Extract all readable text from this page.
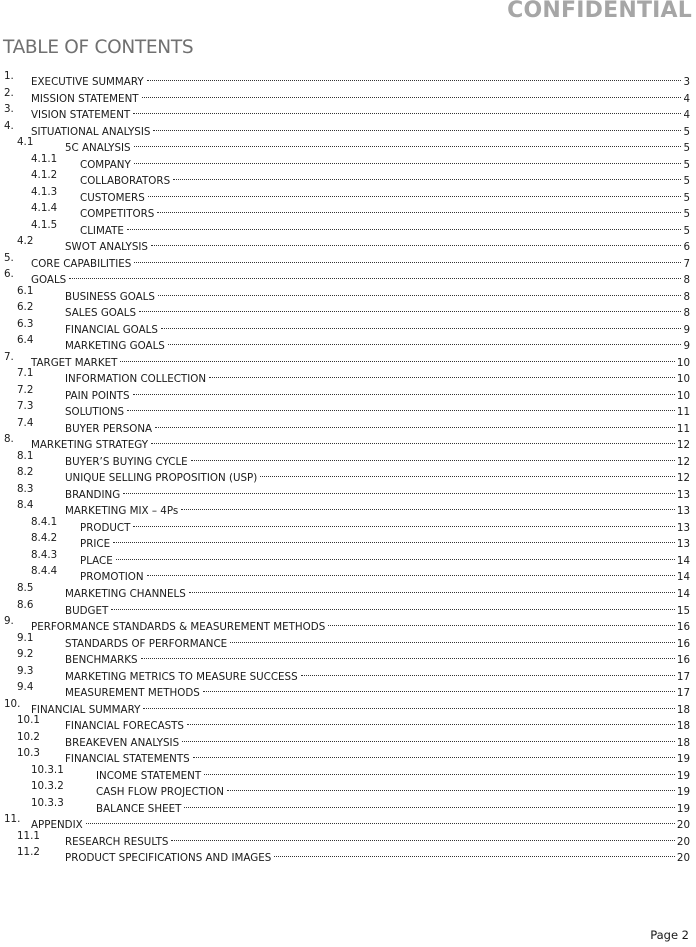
CONFIDENTIAL
TABLE OF CONTENTS
1. EXECUTIVE SUMMARY	3
2. MISSION STATEMENT	4
3. VISION STATEMENT	4
4. SITUATIONAL ANALYSIS	5
4.1	5C ANALYSIS	5
4.1.1 COMPANY	5
4.1.2 COLLABORATORS	5
4.1.3 CUSTOMERS	5
4.1.4 COMPETITORS	5
4.1.5 CLIMATE	5
4.2	SWOT ANALYSIS	6
5. CORE CAPABILITIES	7
6. GOALS	8
6.1	BUSINESS GOALS	8
6.2	SALES GOALS	8
6.3	FINANCIAL GOALS	9
6.4	MARKETING GOALS	9
7. TARGET MARKET	10
7.1	INFORMATION COLLECTION	10
7.2	PAIN POINTS	10
7.3	SOLUTIONS	11
7.4	BUYER PERSONA	11
8. MARKETING STRATEGY	12
8.1	BUYER’S BUYING CYCLE	12
8.2	UNIQUE SELLING PROPOSITION (USP)	12
8.3	BRANDING	13
8.4	MARKETING MIX – 4Ps	13
8.4.1 PRODUCT	13
8.4.2 PRICE	13
8.4.3 PLACE	14
8.4.4 PROMOTION	14
8.5	MARKETING CHANNELS	14
8.6	BUDGET	15
9. PERFORMANCE STANDARDS & MEASUREMENT METHODS	16
9.1	STANDARDS OF PERFORMANCE	16
9.2	BENCHMARKS	16
9.3	MARKETING METRICS TO MEASURE SUCCESS	17
9.4	MEASUREMENT METHODS	17
10. FINANCIAL SUMMARY	18
10.1 FINANCIAL FORECASTS	18
10.2 BREAKEVEN ANALYSIS	18
10.3 FINANCIAL STATEMENTS	19
10.3.1	INCOME STATEMENT	19
10.3.2	CASH FLOW PROJECTION	19
10.3.3	BALANCE SHEET	19
11. APPENDIX	20
11.1 RESEARCH RESULTS	20
11.2 PRODUCT SPECIFICATIONS AND IMAGES	20
Page 2
